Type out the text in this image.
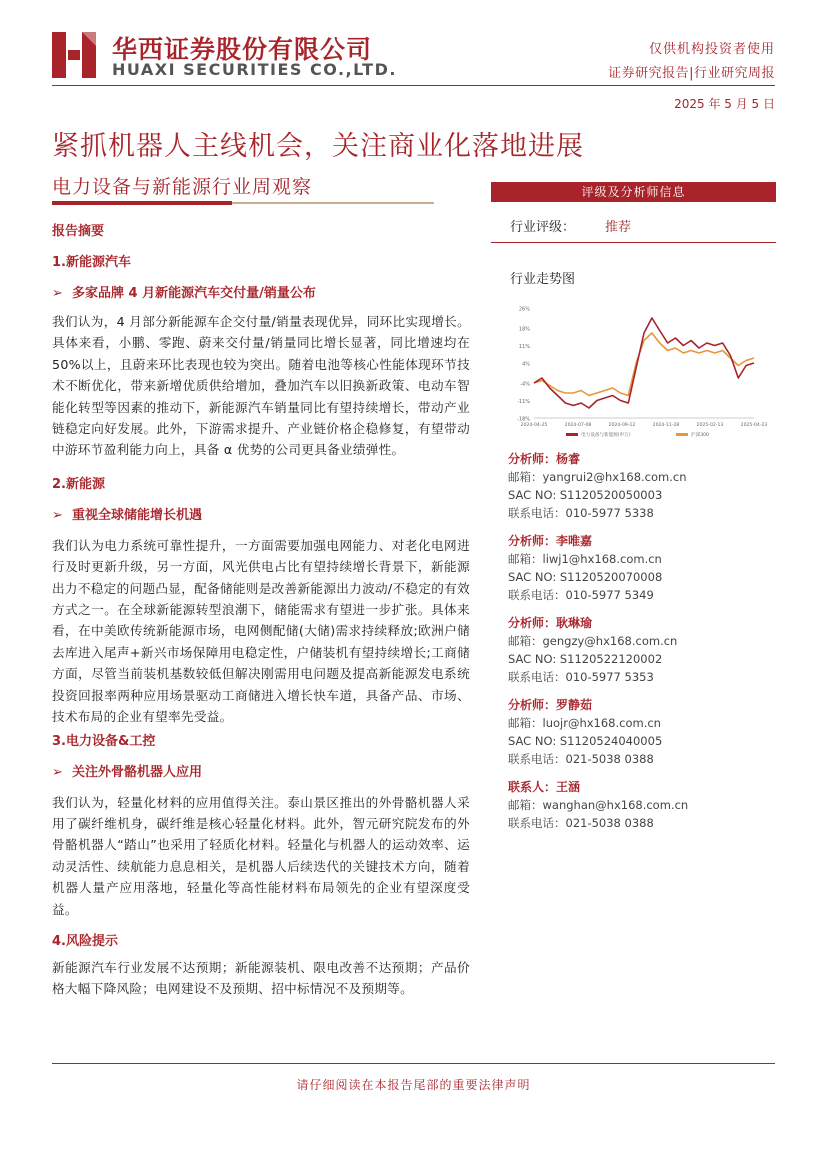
华西证券股份有限公司
HUAXI SECURITIES CO.,LTD.
仅供机构投资者使用
证券研究报告|行业研究周报
2025 年 5 月 5 日
紧抓机器人主线机会，关注商业化落地进展
电力设备与新能源行业周观察

报告摘要

1.新能源汽车

➢ 多家品牌 4 月新能源汽车交付量/销量公布

我们认为，4 月部分新能源车企交付量/销量表现优异，同环比实现增长。具体来看，小鹏、零跑、蔚来交付量/销量同比增长显著，同比增速均在 50%以上，且蔚来环比表现也较为突出。随着电池等核心性能体现环节技术不断优化，带来新增优质供给增加，叠加汽车以旧换新政策、电动车智能化转型等因素的推动下，新能源汽车销量同比有望持续增长，带动产业链稳定向好发展。此外，下游需求提升、产业链价格企稳修复，有望带动中游环节盈利能力向上，具备 α 优势的公司更具备业绩弹性。

2.新能源

➢ 重视全球储能增长机遇

我们认为电力系统可靠性提升，一方面需要加强电网能力、对老化电网进行及时更新升级，另一方面，风光供电占比有望持续增长背景下，新能源出力不稳定的问题凸显，配备储能则是改善新能源出力波动/不稳定的有效方式之一。在全球新能源转型浪潮下，储能需求有望进一步扩张。具体来看，在中美欧传统新能源市场，电网侧配储(大储)需求持续释放;欧洲户储去库进入尾声+新兴市场保障用电稳定性，户储装机有望持续增长;工商储方面，尽管当前装机基数较低但解决刚需用电问题及提高新能源发电系统投资回报率两种应用场景驱动工商储进入增长快车道，具备产品、市场、技术布局的企业有望率先受益。

3.电力设备&工控

➢ 关注外骨骼机器人应用

我们认为，轻量化材料的应用值得关注。泰山景区推出的外骨骼机器人采用了碳纤维机身，碳纤维是核心轻量化材料。此外，智元研究院发布的外骨骼机器人“踏山”也采用了轻质化材料。轻量化与机器人的运动效率、运动灵活性、续航能力息息相关，是机器人后续迭代的关键技术方向，随着机器人量产应用落地，轻量化等高性能材料布局领先的企业有望深度受益。

4.风险提示

新能源汽车行业发展不达预期；新能源装机、限电改善不达预期；产品价格大幅下降风险；电网建设不及预期、招中标情况不及预期等。

评级及分析师信息
行业评级： 推荐
行业走势图
26%
18%
11%
4%
-4%
-11%
-18%
2024-04-25	2024-07-08	2024-09-12	2024-11-28	2025-02-13	2025-04-23
电力设备与新能源(申万)	沪深300
分析师：杨睿
邮箱：yangrui2@hx168.com.cn
SAC NO: S1120520050003
联系电话：010-5977 5338
分析师：李唯嘉
邮箱：liwj1@hx168.com.cn
SAC NO: S1120520070008
联系电话：010-5977 5349
分析师：耿琳瑜
邮箱：gengzy@hx168.com.cn
SAC NO: S1120522120002
联系电话：010-5977 5353
分析师：罗静茹
邮箱：luojr@hx168.com.cn
SAC NO: S1120524040005
联系电话：021-5038 0388
联系人：王涵
邮箱：wanghan@hx168.com.cn
联系电话：021-5038 0388
请仔细阅读在本报告尾部的重要法律声明
